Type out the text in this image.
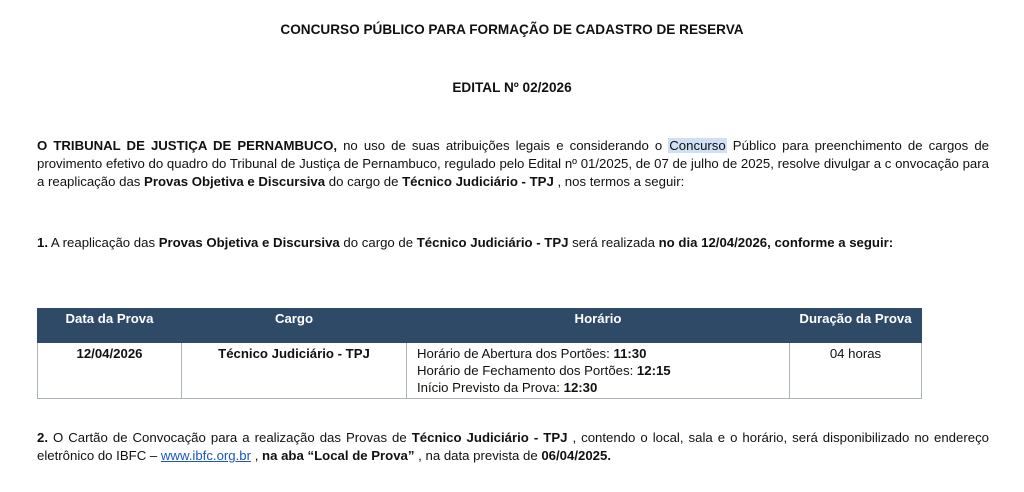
CONCURSO PÚBLICO PARA FORMAÇÃO DE CADASTRO DE RESERVA
EDITAL Nº 02/2026

O TRIBUNAL DE JUSTIÇA DE PERNAMBUCO, no uso de suas atribuições legais e considerando o Concurso Público para preenchimento de cargos de provimento efetivo do quadro do Tribunal de Justiça de Pernambuco, regulado pelo Edital nº 01/2025, de 07 de julho de 2025, resolve divulgar a c onvocação para a reaplicação das Provas Objetiva e Discursiva do cargo de Técnico Judiciário - TPJ , nos termos a seguir:

1. A reaplicação das Provas Objetiva e Discursiva do cargo de Técnico Judiciário - TPJ será realizada no dia 12/04/2026, conforme a seguir:

Data da Prova	Cargo	Horário	Duração da Prova
12/04/2026	Técnico Judiciário - TPJ	Horário de Abertura dos Portões: 11:30
Horário de Fechamento dos Portões: 12:15
Início Previsto da Prova: 12:30	04 horas

2. O Cartão de Convocação para a realização das Provas de Técnico Judiciário - TPJ , contendo o local, sala e o horário, será disponibilizado no endereço eletrônico do IBFC – www.ibfc.org.br , na aba “Local de Prova” , na data prevista de 06/04/2025.
